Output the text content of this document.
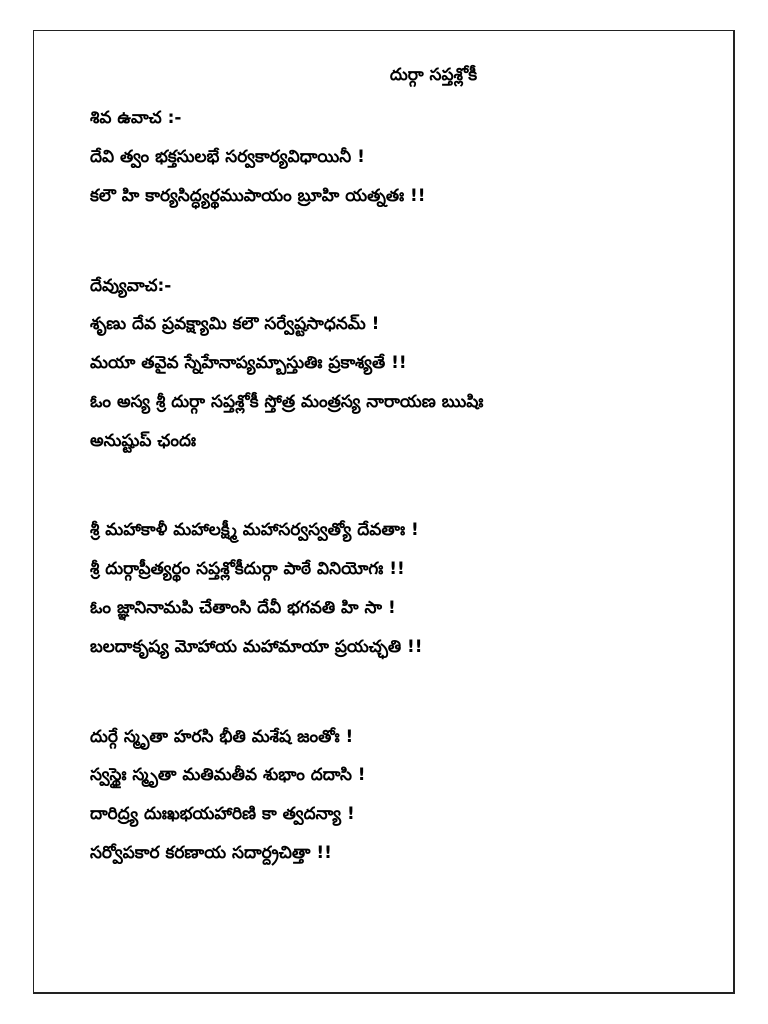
దుర్గా సప్తశ్లోకీ
శివ ఉవాచ :-
దేవి త్వం భక్తసులభే సర్వకార్యవిధాయినీ !
కలౌ హి కార్యసిద్ధ్యర్థముపాయం బ్రూహి యత్నతః !!
దేవ్యువాచ:-
శృణు దేవ ప్రవక్ష్యామి కలౌ సర్వేష్టసాధనమ్ !
మయా తవైవ స్నేహేనాప్యమ్బాస్తుతిః ప్రకాశ్యతే !!
ఓం అస్య శ్రీ దుర్గా సప్తశ్లోకీ స్తోత్ర మంత్రస్య నారాయణ ఋషిః
అనుష్టుప్ ఛందః
శ్రీ మహాకాళీ మహాలక్ష్మీ మహాసర్వస్వత్యో దేవతాః !
శ్రీ దుర్గాప్రీత్యర్థం సప్తశ్లోకీదుర్గా పాఠే వినియోగః !!
ఓం జ్ఞానినామపి చేతాంసి దేవీ భగవతి హి సా !
బలదాకృష్య మోహాయ మహామాయా ప్రయచ్ఛతి !!
దుర్గే స్మృతా హరసి భీతి మశేష జంతోః !
స్వస్థైః స్మృతా మతిమతీవ శుభాం దదాసి !
దారిద్ర్య దుఃఖభయహారిణి కా త్వదన్యా !
సర్వోపకార కరణాయ సదార్ద్రచిత్తా !!
